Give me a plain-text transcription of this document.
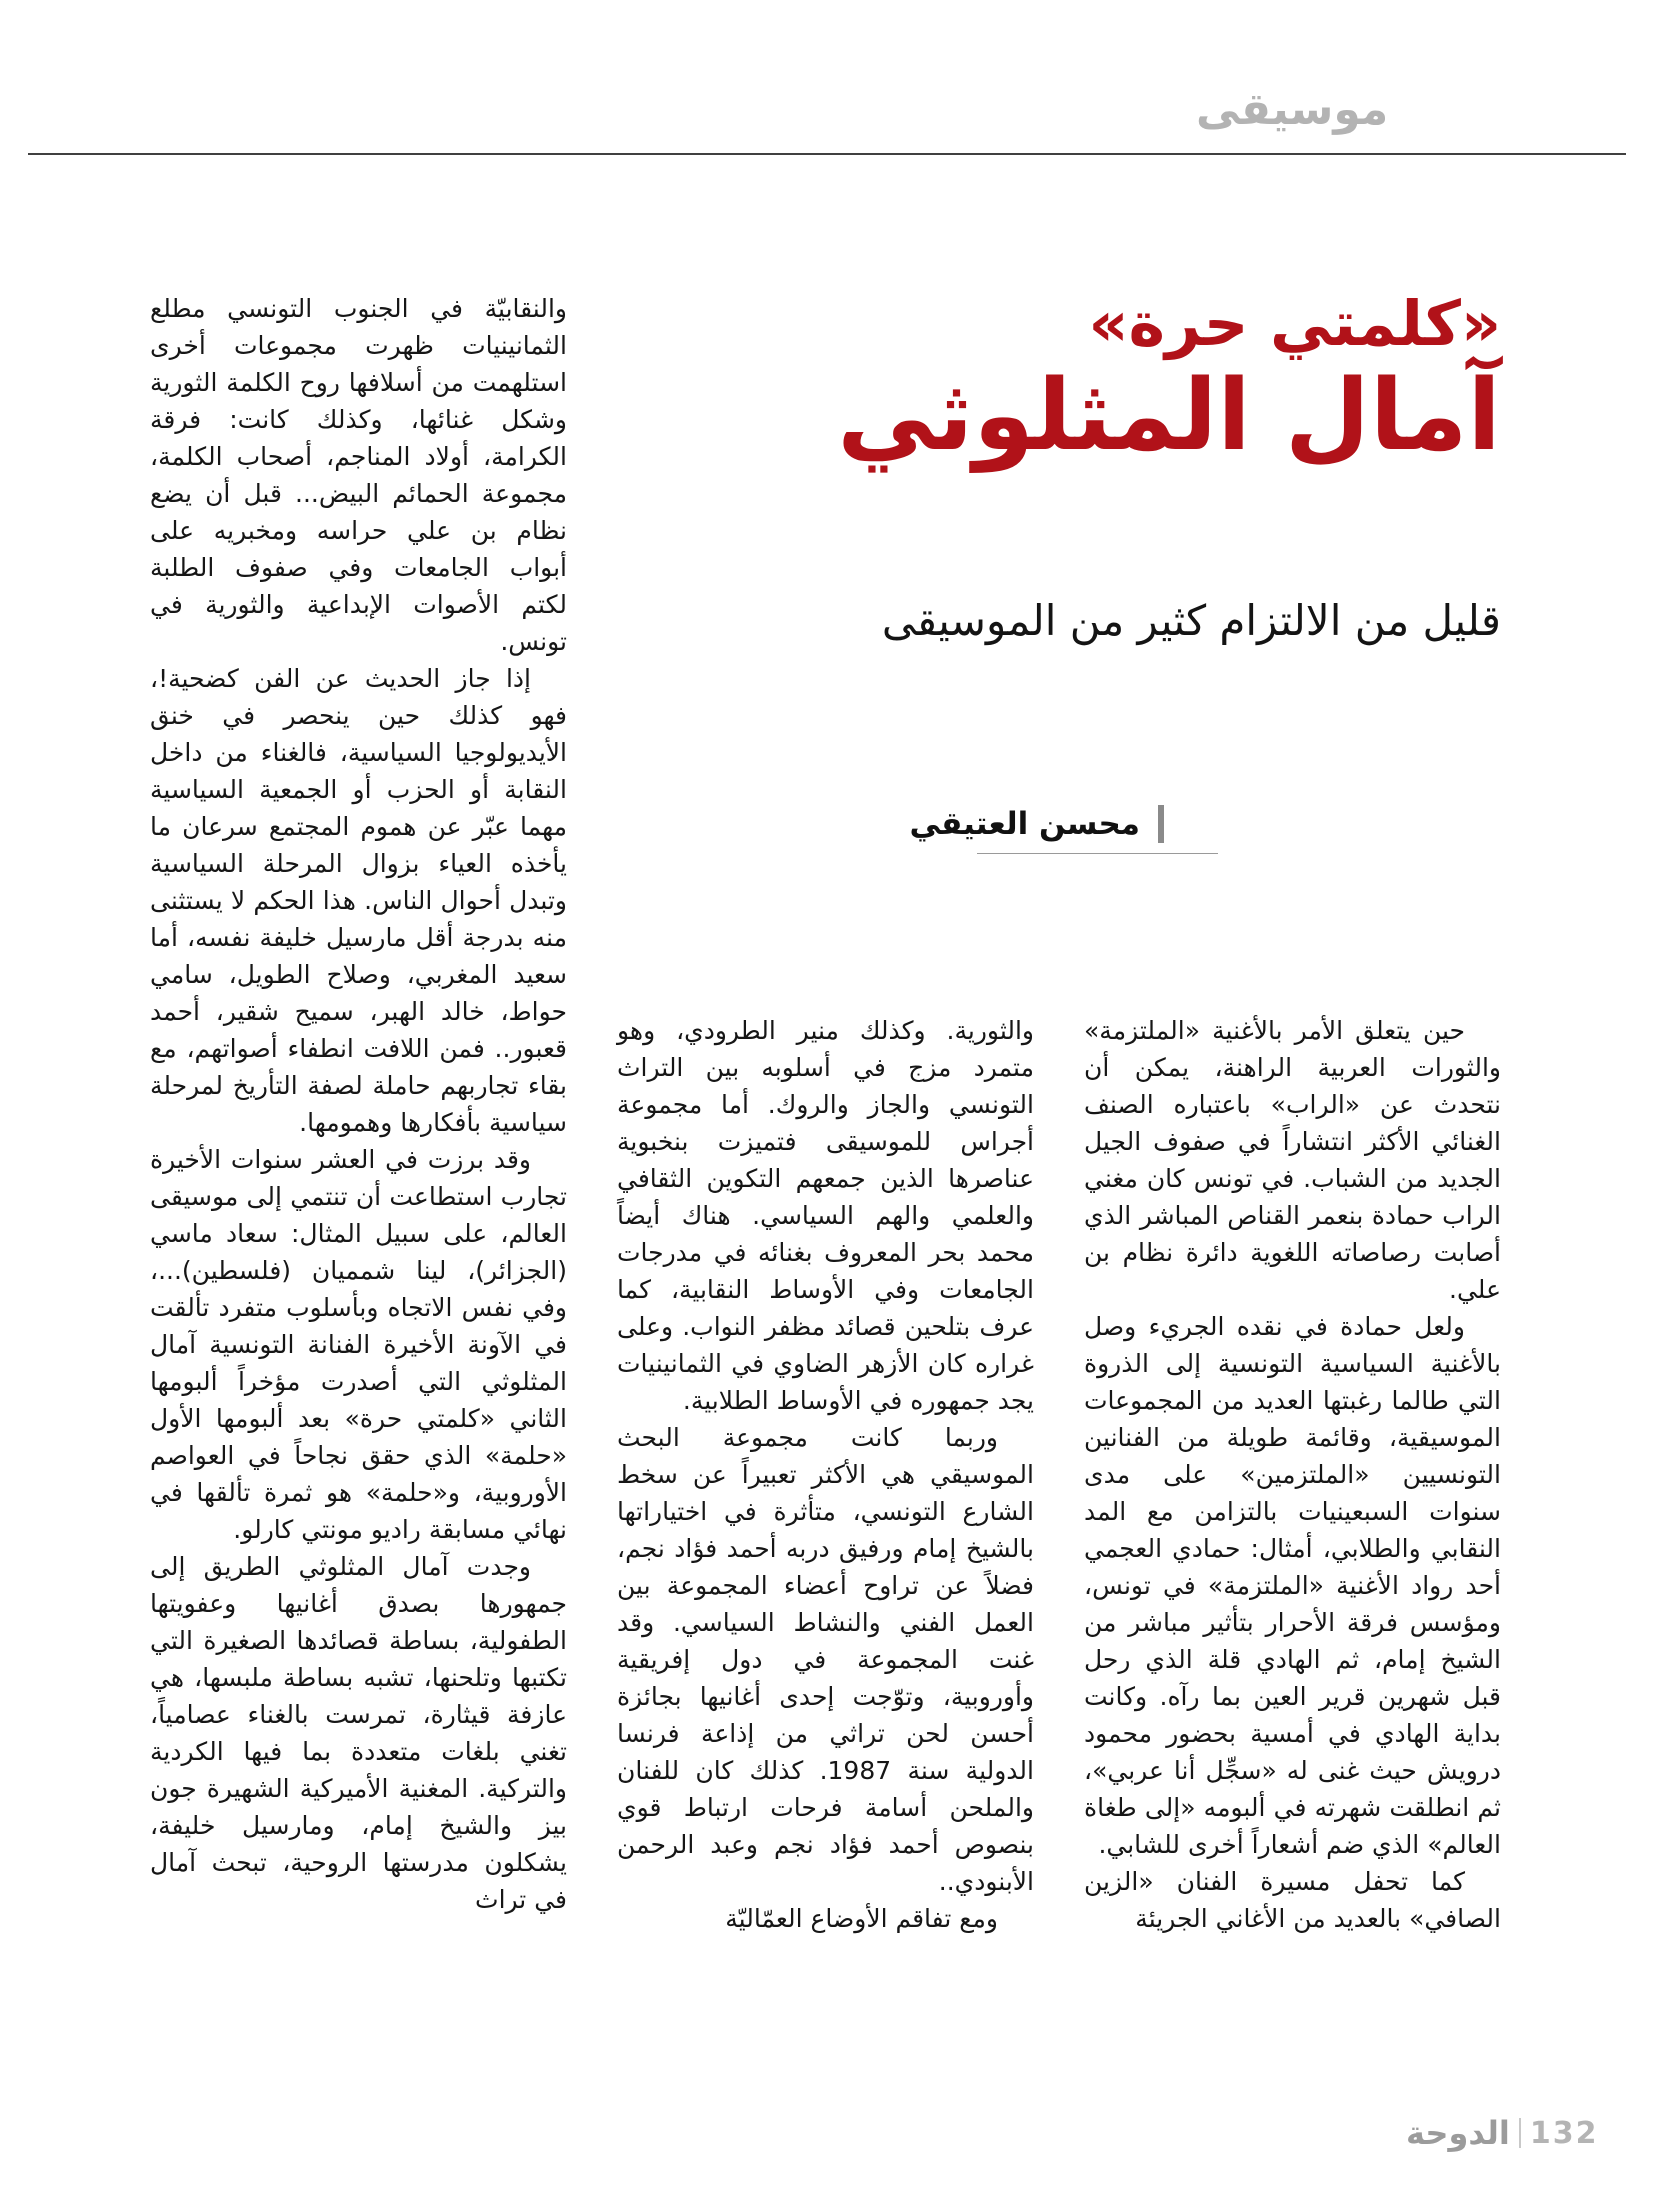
موسيقى
«كلمتي حرة»
آمال المثلوثي
قليل من الالتزام كثير من الموسيقى
محسن العتيقي

حين يتعلق الأمر بالأغنية «الملتزمة» والثورات العربية الراهنة، يمكن أن نتحدث عن «الراب» باعتباره الصنف الغنائي الأكثر انتشاراً في صفوف الجيل الجديد من الشباب. في تونس كان مغني الراب حمادة بنعمر القناص المباشر الذي أصابت رصاصاته اللغوية دائرة نظام بن علي.

ولعل حمادة في نقده الجريء وصل بالأغنية السياسية التونسية إلى الذروة التي طالما رغبتها العديد من المجموعات الموسيقية، وقائمة طويلة من الفنانين التونسيين «الملتزمين» على مدى سنوات السبعينيات بالتزامن مع المد النقابي والطلابي، أمثال: حمادي العجمي أحد رواد الأغنية «الملتزمة» في تونس، ومؤسس فرقة الأحرار بتأثير مباشر من الشيخ إمام، ثم الهادي قلة الذي رحل قبل شهرين قرير العين بما رآه. وكانت بداية الهادي في أمسية بحضور محمود درويش حيث غنى له «سجِّل أنا عربي»، ثم انطلقت شهرته في ألبومه «إلى طغاة العالم» الذي ضم أشعاراً أخرى للشابي.

كما تحفل مسيرة الفنان «الزين الصافي» بالعديد من الأغاني الجريئة

والثورية. وكذلك منير الطرودي، وهو متمرد مزج في أسلوبه بين التراث التونسي والجاز والروك. أما مجموعة أجراس للموسيقى فتميزت بنخبوية عناصرها الذين جمعهم التكوين الثقافي والعلمي والهم السياسي. هناك أيضاً محمد بحر المعروف بغنائه في مدرجات الجامعات وفي الأوساط النقابية، كما عرف بتلحين قصائد مظفر النواب. وعلى غراره كان الأزهر الضاوي في الثمانينيات يجد جمهوره في الأوساط الطلابية.

وربما كانت مجموعة البحث الموسيقي هي الأكثر تعبيراً عن سخط الشارع التونسي، متأثرة في اختياراتها بالشيخ إمام ورفيق دربه أحمد فؤاد نجم، فضلاً عن تراوح أعضاء المجموعة بين العمل الفني والنشاط السياسي. وقد غنت المجموعة في دول إفريقية وأوروبية، وتوّجت إحدى أغانيها بجائزة أحسن لحن تراثي من إذاعة فرنسا الدولية سنة 1987. كذلك كان للفنان والملحن أسامة فرحات ارتباط قوي بنصوص أحمد فؤاد نجم وعبد الرحمن الأبنودي..

ومع تفاقم الأوضاع العمّاليّة

والنقابيّة في الجنوب التونسي مطلع الثمانينيات ظهرت مجموعات أخرى استلهمت من أسلافها روح الكلمة الثورية وشكل غنائها، وكذلك كانت: فرقة الكرامة، أولاد المناجم، أصحاب الكلمة، مجموعة الحمائم البيض... قبل أن يضع نظام بن علي حراسه ومخبريه على أبواب الجامعات وفي صفوف الطلبة لكتم الأصوات الإبداعية والثورية في تونس.

إذا جاز الحديث عن الفن كضحية!، فهو كذلك حين ينحصر في خنق الأيديولوجيا السياسية، فالغناء من داخل النقابة أو الحزب أو الجمعية السياسية مهما عبّر عن هموم المجتمع سرعان ما يأخذه العياء بزوال المرحلة السياسية وتبدل أحوال الناس. هذا الحكم لا يستثنى منه بدرجة أقل مارسيل خليفة نفسه، أما سعيد المغربي، وصلاح الطويل، سامي حواط، خالد الهبر، سميح شقير، أحمد قعبور.. فمن اللافت انطفاء أصواتهم، مع بقاء تجاربهم حاملة لصفة التأريخ لمرحلة سياسية بأفكارها وهمومها.

وقد برزت في العشر سنوات الأخيرة تجارب استطاعت أن تنتمي إلى موسيقى العالم، على سبيل المثال: سعاد ماسي (الجزائر)، لينا شمميان (فلسطين)...، وفي نفس الاتجاه وبأسلوب متفرد تألقت في الآونة الأخيرة الفنانة التونسية آمال المثلوثي التي أصدرت مؤخراً ألبومها الثاني «كلمتي حرة» بعد ألبومها الأول «حلمة» الذي حقق نجاحاً في العواصم الأوروبية، و«حلمة» هو ثمرة تألقها في نهائي مسابقة راديو مونتي كارلو.

وجدت آمال المثلوثي الطريق إلى جمهورها بصدق أغانيها وعفويتها الطفولية، بساطة قصائدها الصغيرة التي تكتبها وتلحنها، تشبه بساطة ملبسها، هي عازفة قيثارة، تمرست بالغناء عصامياً، تغني بلغات متعددة بما فيها الكردية والتركية. المغنية الأميركية الشهيرة جون بيز والشيخ إمام، ومارسيل خليفة، يشكلون مدرستها الروحية، تبحث آمال في تراث

الدوحة 132
